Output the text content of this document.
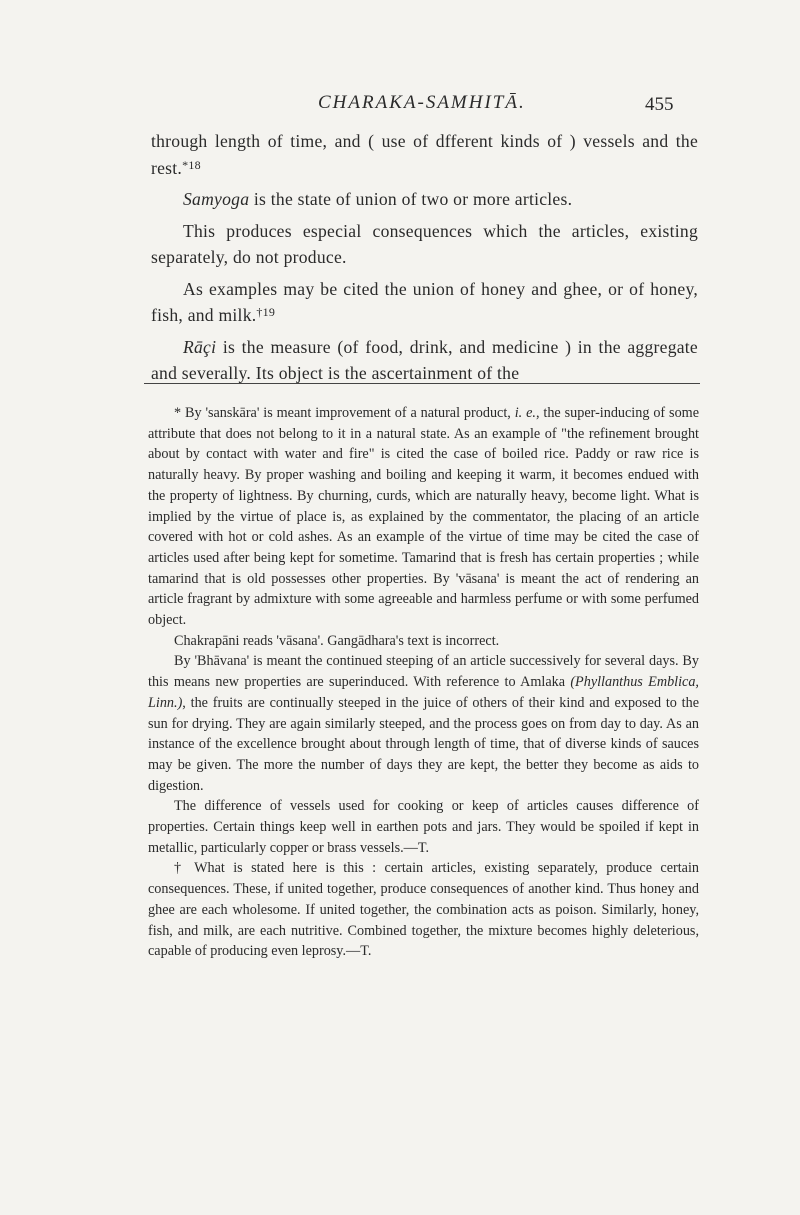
CHARAKA-SAMHITĀ.	455

through length of time, and ( use of dfferent kinds of ) vessels and the rest.$^{*18}$

Samyoga is the state of union of two or more articles.

This produces especial consequences which the articles, existing separately, do not produce.

As examples may be cited the union of honey and ghee, or of honey, fish, and milk.$^{\dagger 19}$

Rāçi is the measure (of food, drink, and medicine ) in the aggregate and severally. Its object is the ascertainment of the

* By 'sanskāra' is meant improvement of a natural product, i. e., the super-inducing of some attribute that does not belong to it in a natural state. As an example of "the refinement brought about by contact with water and fire" is cited the case of boiled rice. Paddy or raw rice is naturally heavy. By proper washing and boiling and keeping it warm, it becomes endued with the property of lightness. By churning, curds, which are naturally heavy, become light. What is implied by the virtue of place is, as explained by the commentator, the placing of an article covered with hot or cold ashes. As an example of the virtue of time may be cited the case of articles used after being kept for sometime. Tamarind that is fresh has certain properties ; while tamarind that is old possesses other properties. By 'vāsana' is meant the act of rendering an article fragrant by admixture with some agreeable and harmless perfume or with some perfumed object.

Chakrapāni reads 'vāsana'. Gangādhara's text is incorrect.

By 'Bhāvana' is meant the continued steeping of an article successively for several days. By this means new properties are superinduced. With reference to Amlaka (Phyllanthus Emblica, Linn.), the fruits are continually steeped in the juice of others of their kind and exposed to the sun for drying. They are again similarly steeped, and the process goes on from day to day. As an instance of the excellence brought about through length of time, that of diverse kinds of sauces may be given. The more the number of days they are kept, the better they become as aids to digestion.

The difference of vessels used for cooking or keep of articles causes difference of properties. Certain things keep well in earthen pots and jars. They would be spoiled if kept in metallic, particularly copper or brass vessels.—T.

† What is stated here is this : certain articles, existing separately, produce certain consequences. These, if united together, produce consequences of another kind. Thus honey and ghee are each wholesome. If united together, the combination acts as poison. Similarly, honey, fish, and milk, are each nutritive. Combined together, the mixture becomes highly deleterious, capable of producing even leprosy.—T.
